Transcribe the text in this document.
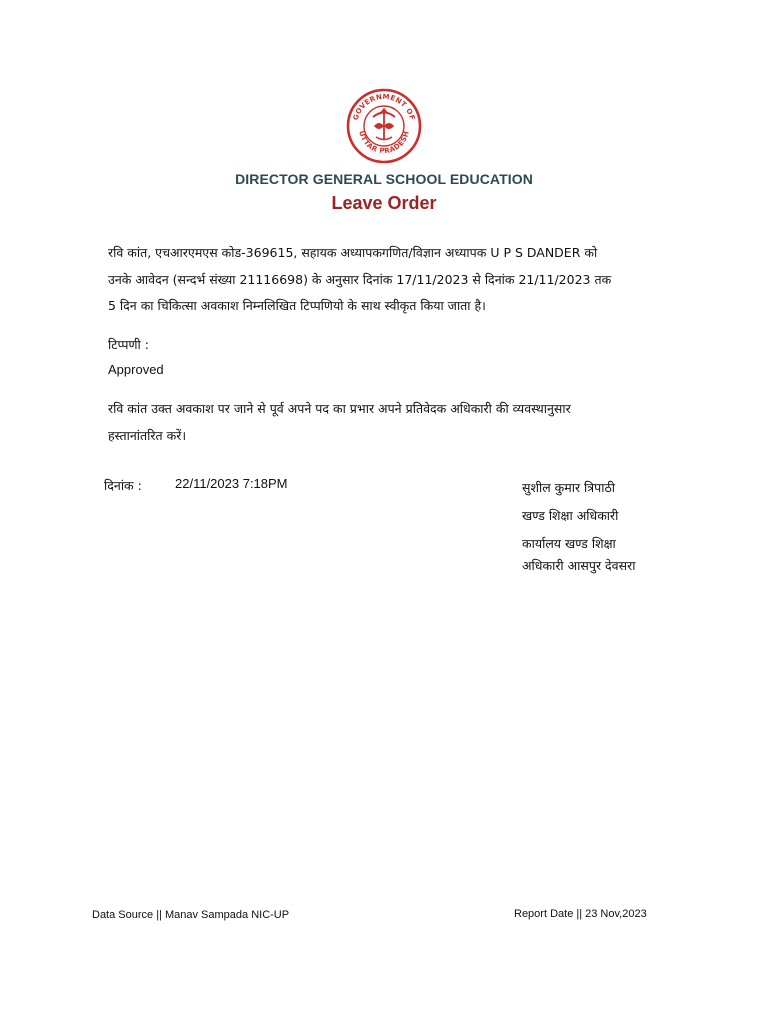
GOVERNMENT OF
UTTAR PRADESH
DIRECTOR GENERAL SCHOOL EDUCATION
Leave Order
रवि कांत, एचआरएमएस कोड-369615, सहायक अध्यापकगणित/विज्ञान अध्यापक U P S DANDER को
उनके आवेदन (सन्दर्भ संख्या 21116698) के अनुसार दिनांक 17/11/2023 से दिनांक 21/11/2023 तक
5 दिन का चिकित्सा अवकाश निम्नलिखित टिप्पणियो के साथ स्वीकृत किया जाता है।
टिप्पणी :
Approved
रवि कांत उक्त अवकाश पर जाने से पूर्व अपने पद का प्रभार अपने प्रतिवेदक अधिकारी की व्यवस्थानुसार
हस्तानांतरित करें।
दिनांक :	22/11/2023 7:18PM	सुशील कुमार त्रिपाठी
खण्ड शिक्षा अधिकारी
कार्यालय खण्ड शिक्षा
अधिकारी आसपुर देवसरा
Data Source || Manav Sampada NIC-UP	Report Date || 23 Nov,2023
